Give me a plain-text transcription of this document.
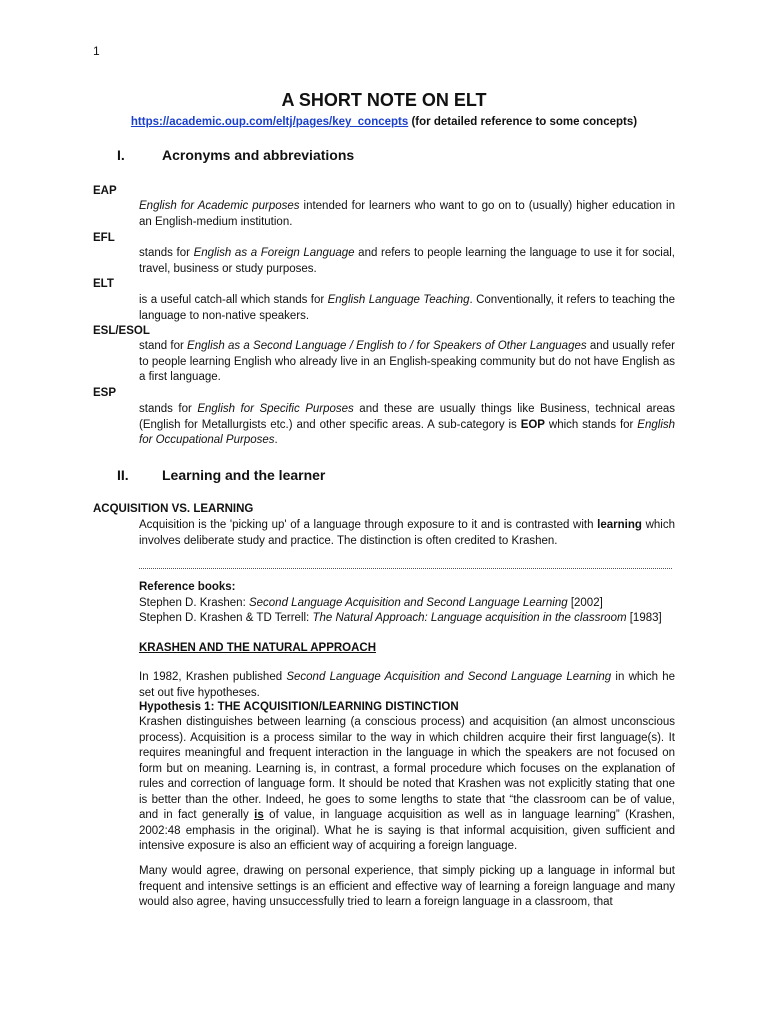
1
A SHORT NOTE ON ELT
https://academic.oup.com/eltj/pages/key_concepts (for detailed reference to some concepts)
I.	Acronyms and abbreviations
EAP
English for Academic purposes intended for learners who want to go on to (usually) higher education in an English-medium institution.
EFL
stands for English as a Foreign Language and refers to people learning the language to use it for social, travel, business or study purposes.
ELT
is a useful catch-all which stands for English Language Teaching. Conventionally, it refers to teaching the language to non-native speakers.
ESL/ESOL
stand for English as a Second Language / English to / for Speakers of Other Languages and usually refer to people learning English who already live in an English-speaking community but do not have English as a first language.
ESP
stands for English for Specific Purposes and these are usually things like Business, technical areas (English for Metallurgists etc.) and other specific areas. A sub-category is EOP which stands for English for Occupational Purposes.
II. Learning and the learner
ACQUISITION VS. LEARNING
Acquisition is the 'picking up' of a language through exposure to it and is contrasted with learning which involves deliberate study and practice. The distinction is often credited to Krashen.
Reference books:
Stephen D. Krashen: Second Language Acquisition and Second Language Learning [2002]
Stephen D. Krashen & TD Terrell: The Natural Approach: Language acquisition in the classroom [1983]
KRASHEN AND THE NATURAL APPROACH
In 1982, Krashen published Second Language Acquisition and Second Language Learning in which he set out five hypotheses.
Hypothesis 1: THE ACQUISITION/LEARNING DISTINCTION
Krashen distinguishes between learning (a conscious process) and acquisition (an almost unconscious process). Acquisition is a process similar to the way in which children acquire their first language(s). It requires meaningful and frequent interaction in the language in which the speakers are not focused on form but on meaning. Learning is, in contrast, a formal procedure which focuses on the explanation of rules and correction of language form. It should be noted that Krashen was not explicitly stating that one is better than the other. Indeed, he goes to some lengths to state that “the classroom can be of value, and in fact generally is of value, in language acquisition as well as in language learning” (Krashen, 2002:48 emphasis in the original). What he is saying is that informal acquisition, given sufficient and intensive exposure is also an efficient way of acquiring a foreign language.
Many would agree, drawing on personal experience, that simply picking up a language in informal but frequent and intensive settings is an efficient and effective way of learning a foreign language and many would also agree, having unsuccessfully tried to learn a foreign language in a classroom, that
